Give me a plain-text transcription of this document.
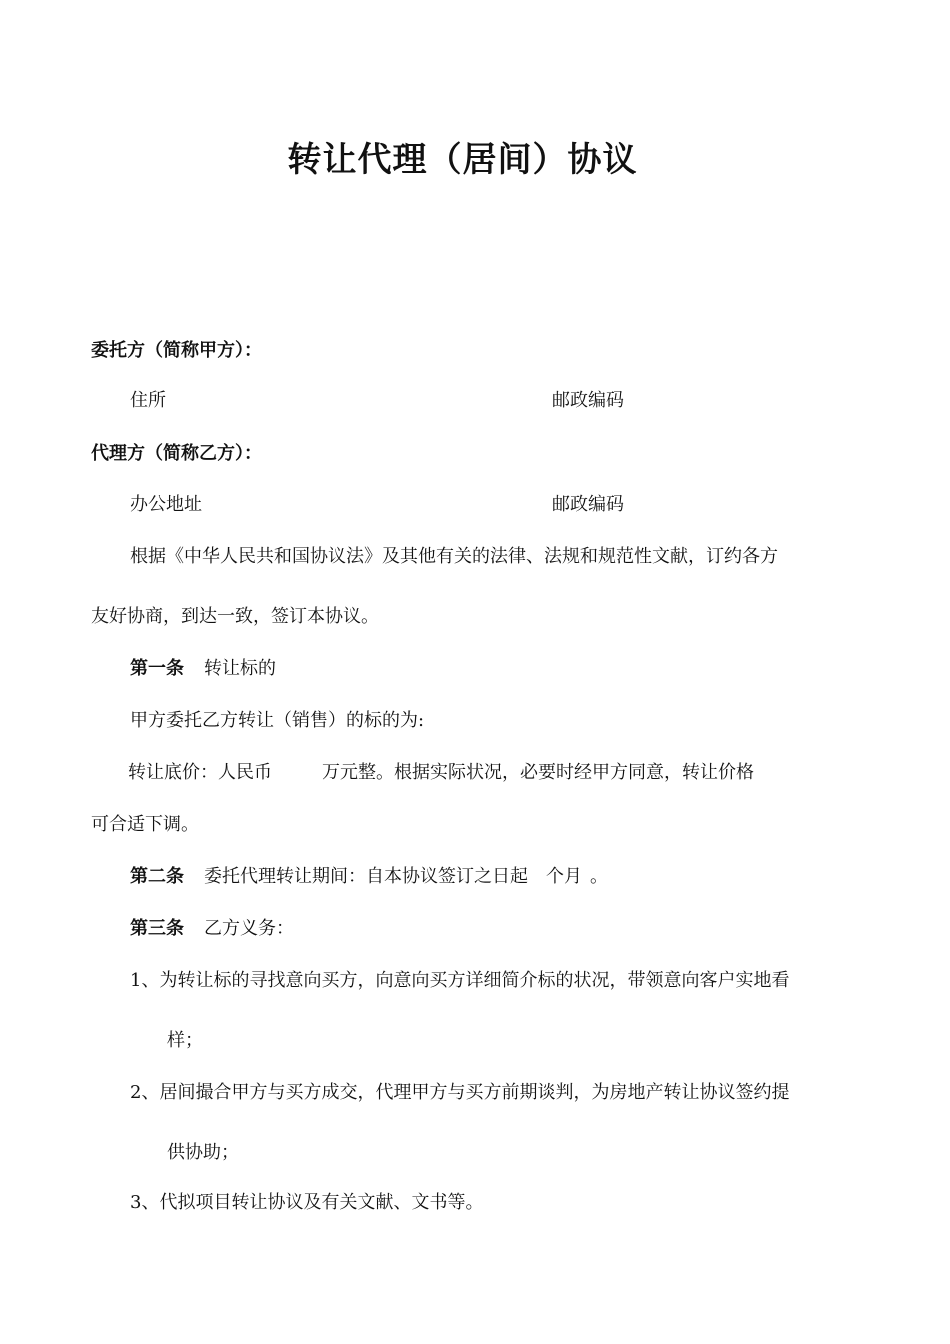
转让代理（居间）协议
委托方（简称甲方）：
住所	邮政编码
代理方（简称乙方）：
办公地址	邮政编码
根据《中华人民共和国协议法》及其他有关的法律、法规和规范性文献，订约各方
友好协商，到达一致，签订本协议。
第一条 转让标的
甲方委托乙方转让（销售）的标的为:
转让底价：人民币	万元整。根据实际状况，必要时经甲方同意，转让价格
可合适下调。
第二条 委托代理转让期间：自本协议签订之日起 个月 。
第三条 乙方义务：
1、为转让标的寻找意向买方，向意向买方详细简介标的状况，带领意向客户实地看
样；
2、居间撮合甲方与买方成交，代理甲方与买方前期谈判，为房地产转让协议签约提
供协助；
3、代拟项目转让协议及有关文献、文书等。
